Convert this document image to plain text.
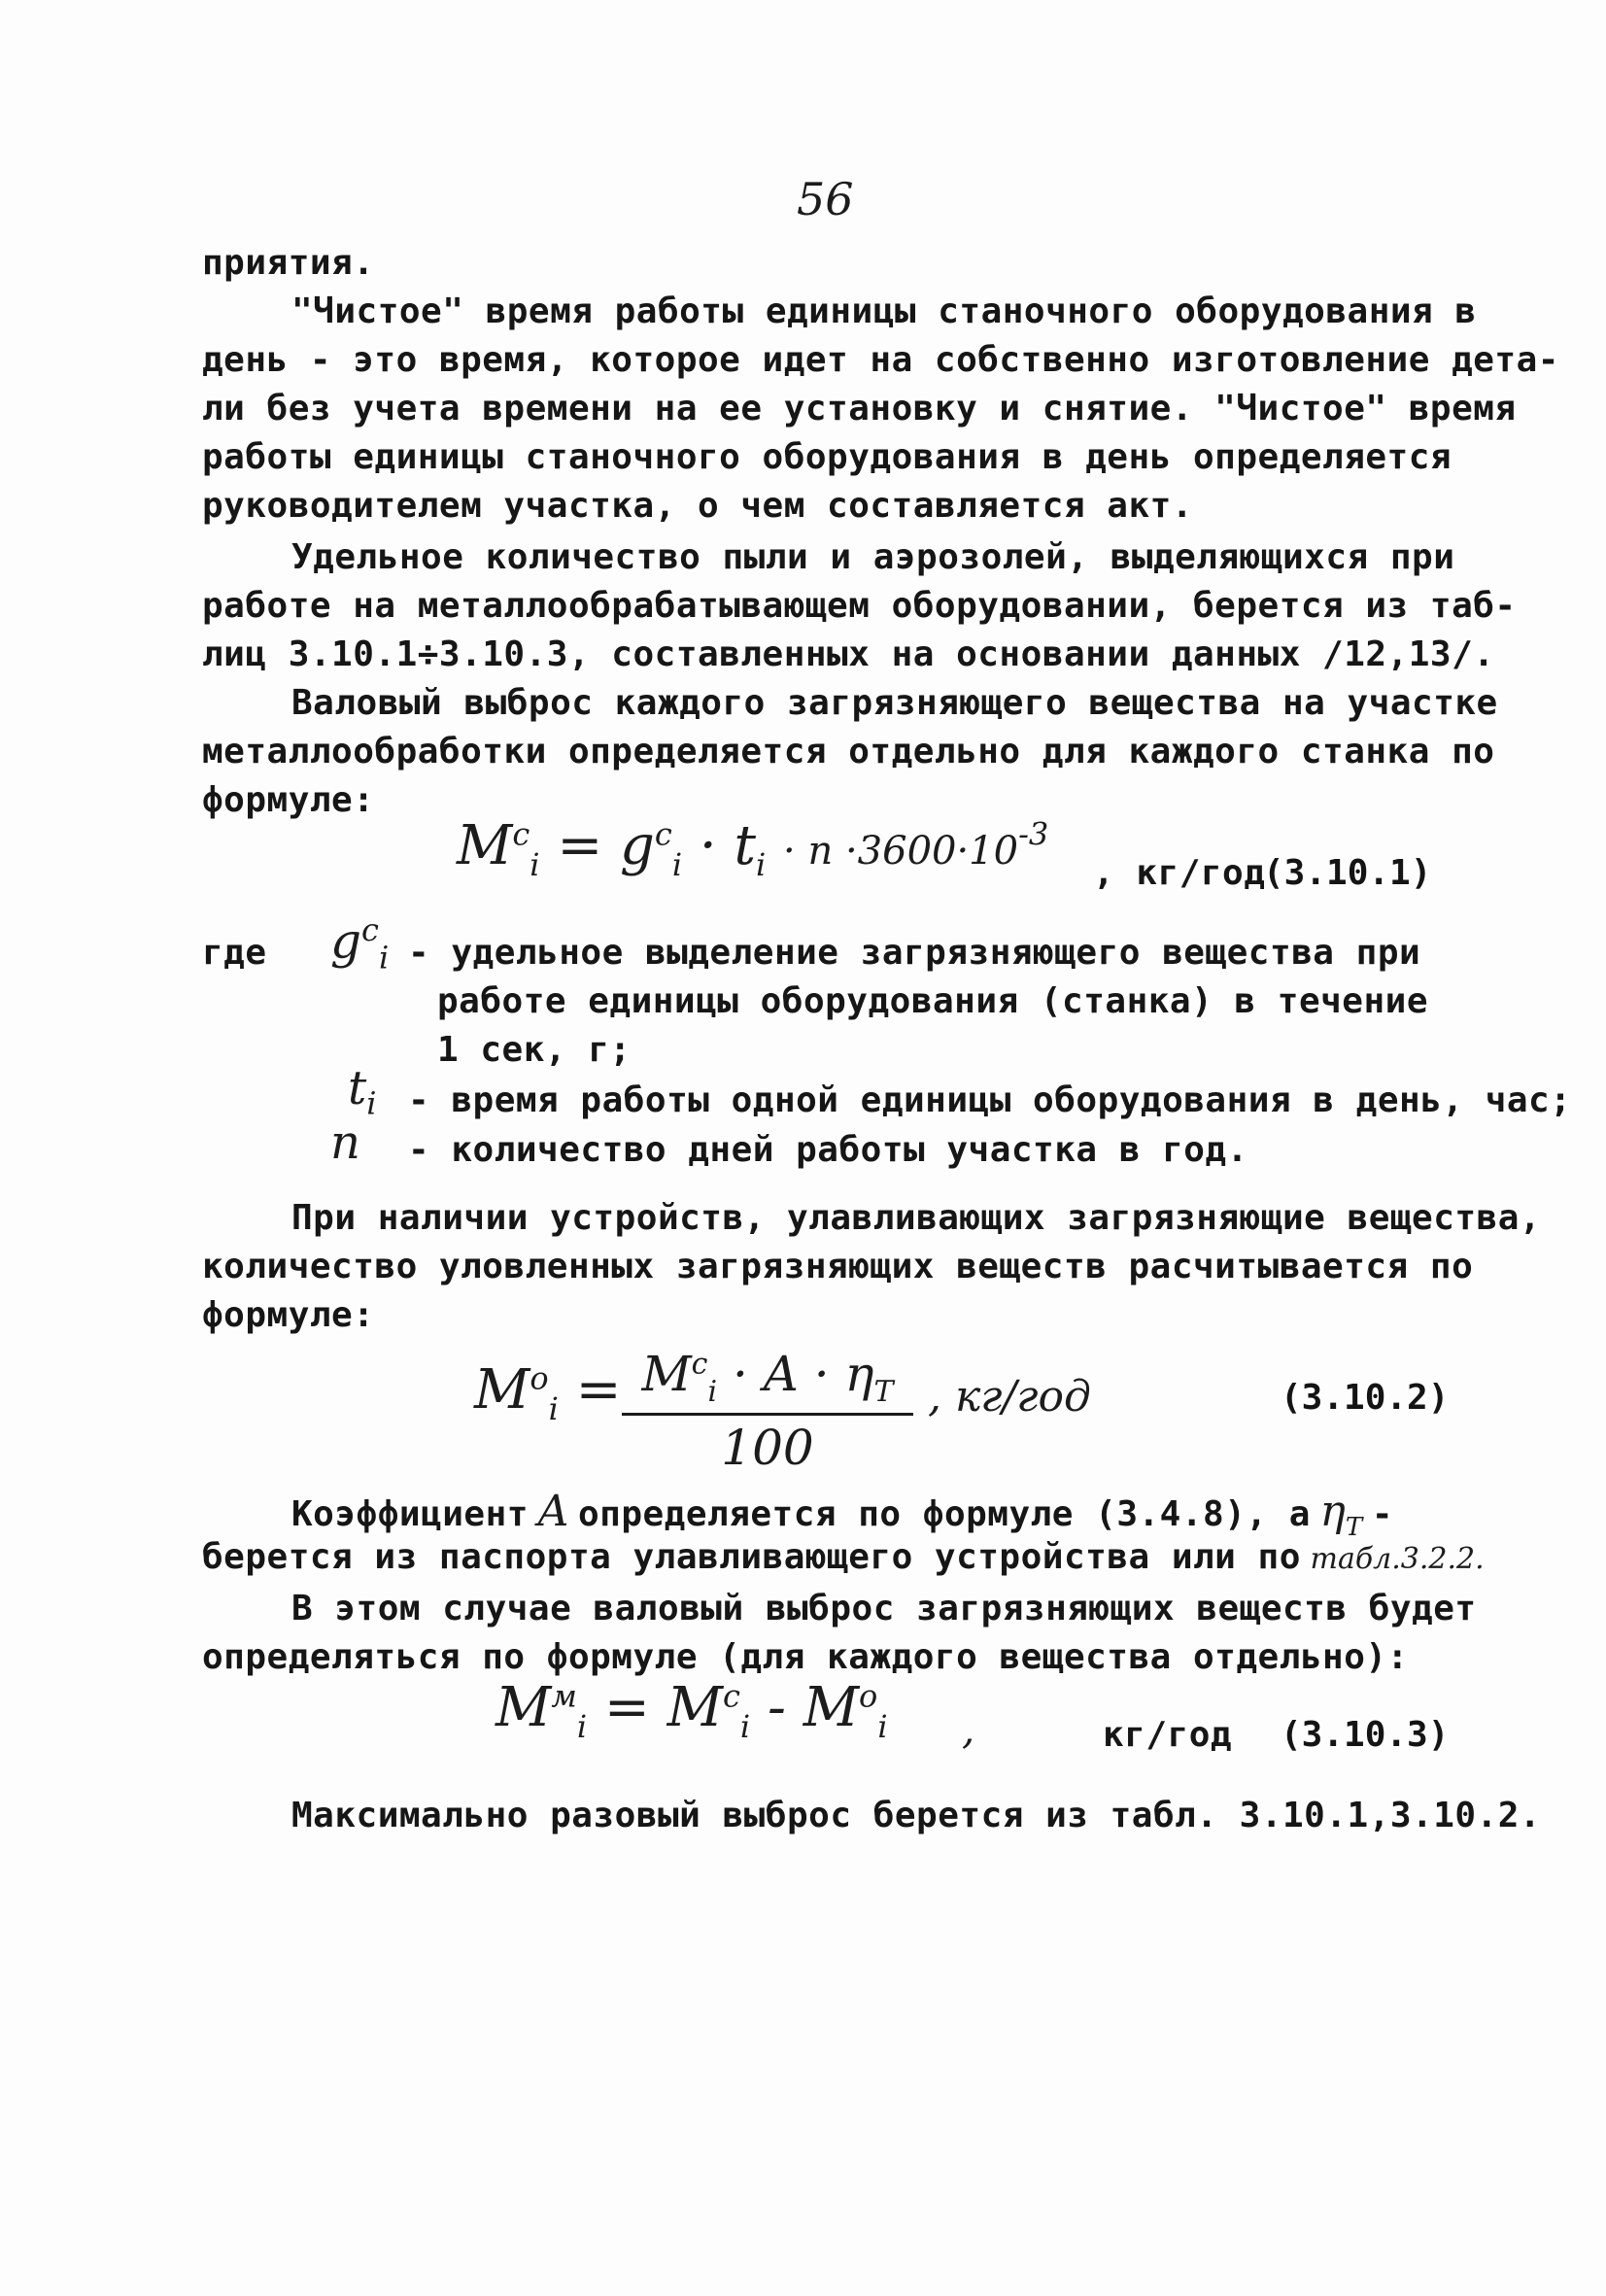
56
приятия.
"Чистое" время работы единицы станочного оборудования в
день - это время, которое идет на собственно изготовление дета-
ли без учета времени на ее установку и снятие. "Чистое" время
работы единицы станочного оборудования в день определяется
руководителем участка, о чем составляется акт.
Удельное количество пыли и аэрозолей, выделяющихся при
работе на металлообрабатывающем оборудовании, берется из таб-
лиц 3.10.1÷3.10.3, составленных на основании данных /12,13/.
Валовый выброс каждого загрязняющего вещества на участке
металлообработки определяется отдельно для каждого станка по
формуле:
$M^c_i = g^c_i \cdot t_i \cdot n \cdot 3600\cdot 10^{-3}$
, кг/год
(3.10.1)
где $g^c_i$ - удельное выделение загрязняющего вещества при
работе единицы оборудования (станка) в течение
1 сек, г;
$t_i$ - время работы одной единицы оборудования в день, час;
n - количество дней работы участка в год.
При наличии устройств, улавливающих загрязняющие вещества,
количество уловленных загрязняющих веществ расчитывается по
формуле:
$M^o_i = M^c_i \cdot A \cdot \eta_T$
100
, кг/год	(3.10.2)
Коэффициент A определяется по формуле (3.4.8), а $\eta_T$ -
берется из паспорта улавливающего устройства или по табл.3.2.2.
В этом случае валовый выброс загрязняющих веществ будет
определяться по формуле (для каждого вещества отдельно):
$M^м_i = M^c_i - M^o_i$ ,	кг/год (3.10.3)
Максимально разовый выброс берется из табл. 3.10.1,3.10.2.
